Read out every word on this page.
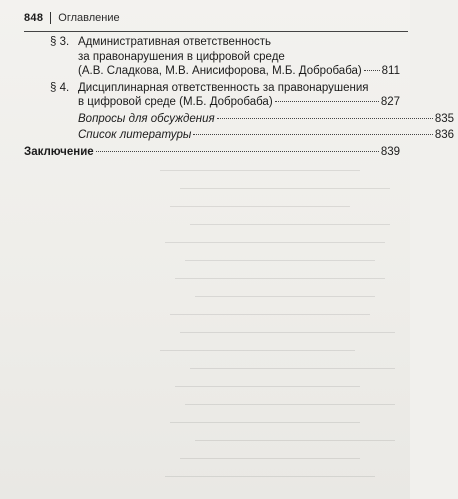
848 Оглавление
§ 3. Административная ответственность
за правонарушения в цифровой среде
(А.В. Сладкова, М.В. Анисифорова, М.Б. Добробаба) 811
§ 4. Дисциплинарная ответственность за правонарушения
в цифровой среде (М.Б. Добробаба)	827
Вопросы для обсуждения	835
Список литературы	836
Заключение	839
